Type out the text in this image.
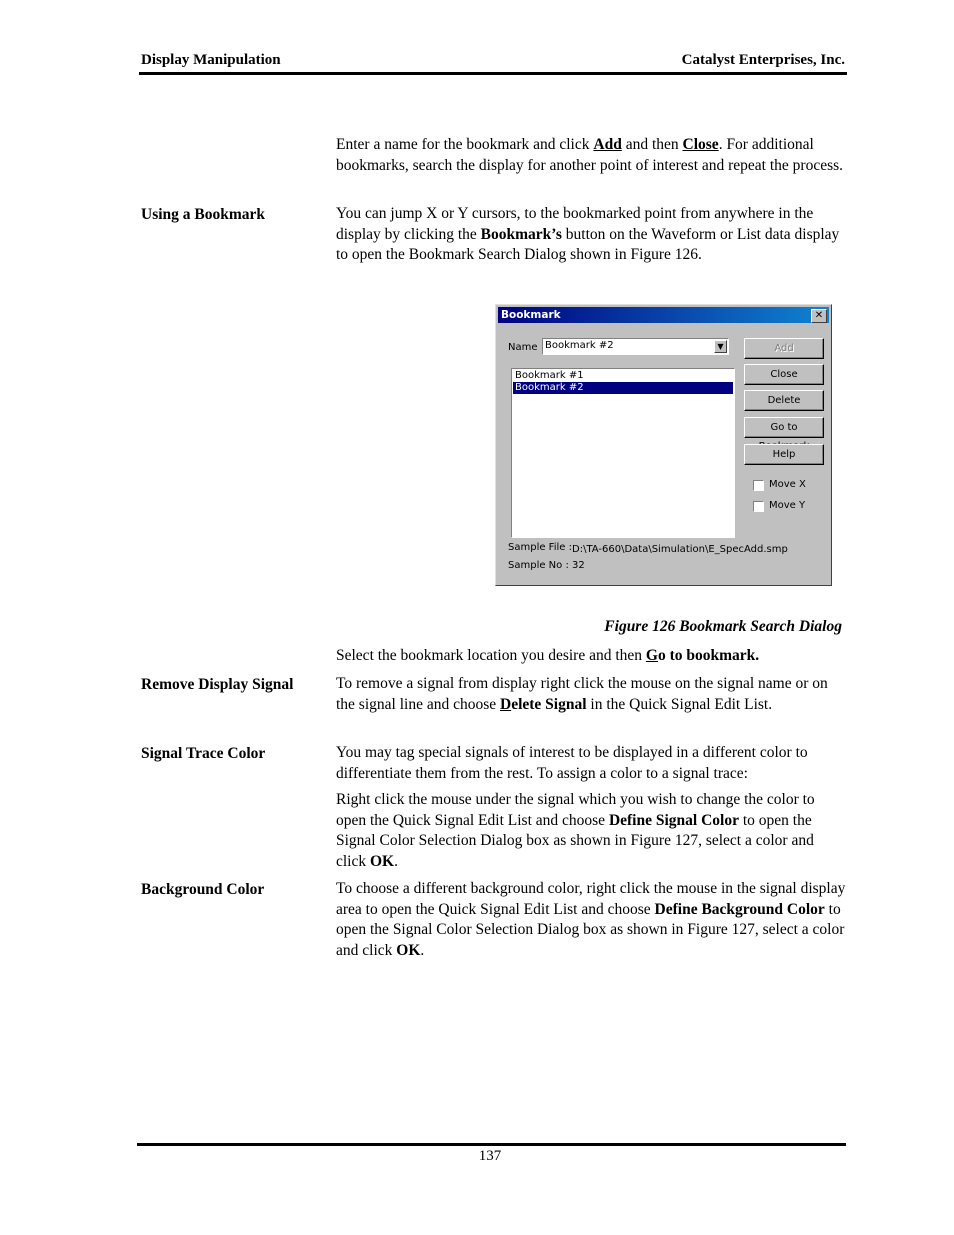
Display Manipulation	Catalyst Enterprises, Inc.
Enter a name for the bookmark and click Add and then Close. For additional bookmarks, search the display for another point of interest and repeat the process.
Using a Bookmark	You can jump X or Y cursors, to the bookmarked point from anywhere in the display by clicking the Bookmark’s button on the Waveform or List data display to open the Bookmark Search Dialog shown in Figure 126.
Bookmark	✕
Name Bookmark #2	▼
Bookmark #1
Bookmark #2
Add
Close
Delete
Go to
Help
Move X
Move Y
Sample File : D:\TA-660\Data\Simulation\E_SpecAdd.smp
Sample No : 32
Figure 126 Bookmark Search Dialog
Select the bookmark location you desire and then Go to bookmark.
Remove Display Signal	To remove a signal from display right click the mouse on the signal name or on the signal line and choose Delete Signal in the Quick Signal Edit List.
Signal Trace Color	You may tag special signals of interest to be displayed in a different color to differentiate them from the rest. To assign a color to a signal trace:
Right click the mouse under the signal which you wish to change the color to open the Quick Signal Edit List and choose Define Signal Color to open the Signal Color Selection Dialog box as shown in Figure 127, select a color and click OK.
Background Color	To choose a different background color, right click the mouse in the signal display area to open the Quick Signal Edit List and choose Define Background Color to open the Signal Color Selection Dialog box as shown in Figure 127, select a color and click OK.
137
